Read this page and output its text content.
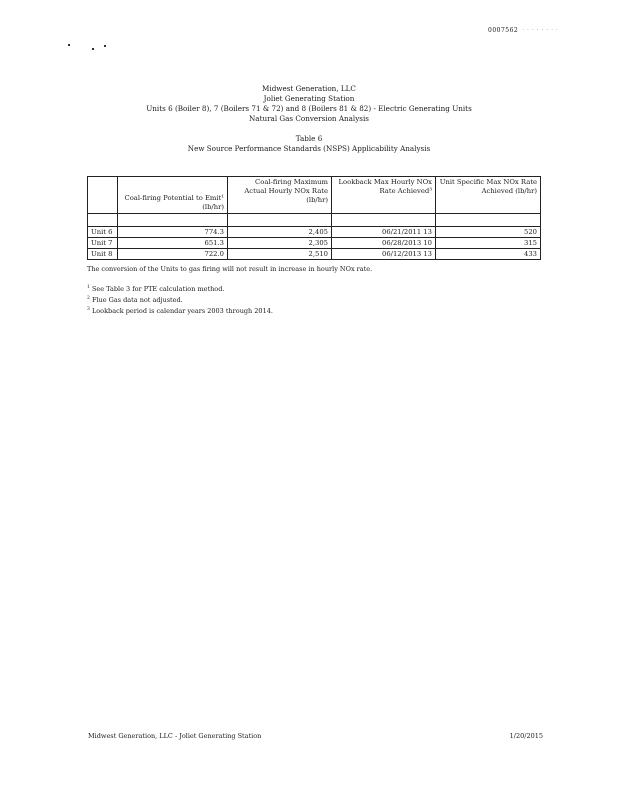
0007562 · · · · · · · ·
Midwest Generation, LLC
Joliet Generating Station
Units 6 (Boiler 8), 7 (Boilers 71 & 72) and 8 (Boilers 81 & 82) - Electric Generating Units
Natural Gas Conversion Analysis
Table 6
New Source Performance Standards (NSPS) Applicability Analysis
	Coal-firing Potential to Emit¹ (lb/hr)	Coal-firing Maximum Actual Hourly NOx Rate (lb/hr)	Lookback Max Hourly NOx Rate Achieved³	Unit Specific Max NOx Rate Achieved (lb/hr)

Unit 6	774.3	2,405	06/21/2011 13	520
Unit 7	651.3	2,305	06/28/2013 10	315
Unit 8	722.0	2,510	06/12/2013 13	433
The conversion of the Units to gas firing will not result in increase in hourly NOx rate.
$^1$ See Table 3 for PTE calculation method.
$^2$ Flue Gas data not adjusted.
$^3$ Lookback period is calendar years 2003 through 2014.
Midwest Generation, LLC - Joliet Generating Station	1/20/2015
